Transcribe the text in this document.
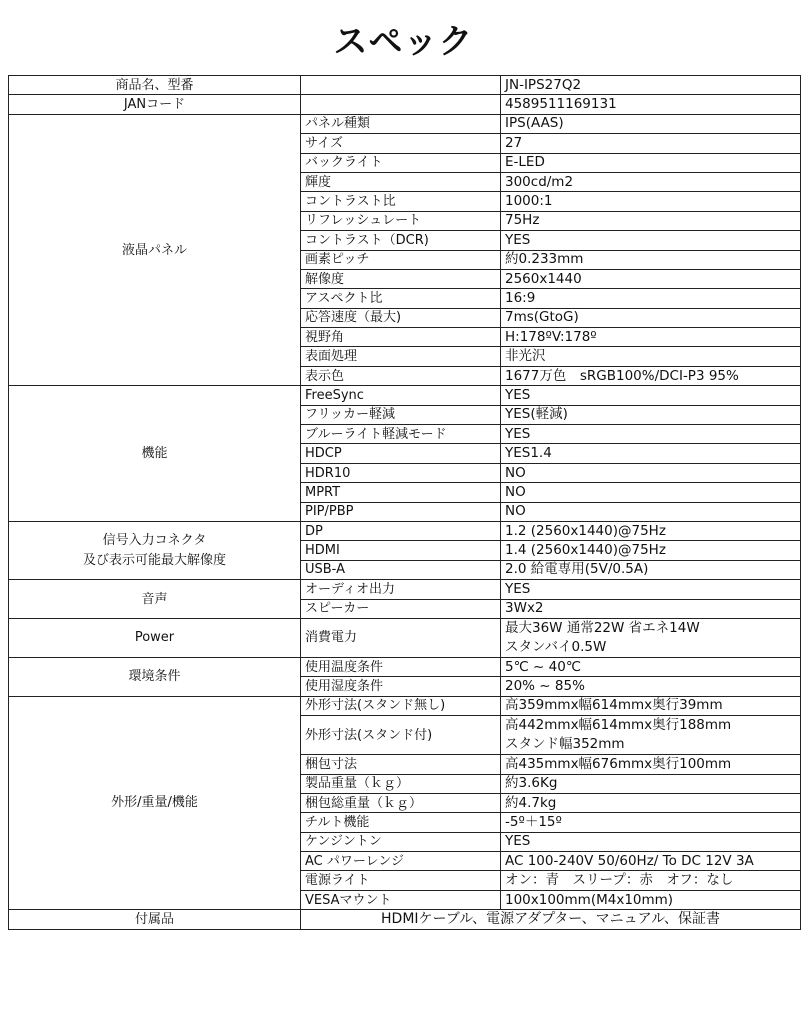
スペック
商品名、型番		JN-IPS27Q2
JANコード		4589511169131
液晶パネル	パネル種類	IPS(AAS)
	サイズ	27
	バックライト	E-LED
	輝度	300cd/m2
	コントラスト比	1000:1
	リフレッシュレート	75Hz
	コントラスト（DCR)	YES
	画素ピッチ	約0.233mm
	解像度	2560x1440
	アスペクト比	16:9
	応答速度（最大)	7ms(GtoG)
	視野角	H:178ºV:178º
	表面処理	非光沢
	表示色	1677万色　sRGB100%/DCI-P3 95%
機能	FreeSync	YES
	フリッカー軽減	YES(軽減)
	ブルーライト軽減モード	YES
	HDCP	YES1.4
	HDR10	NO
	MPRT	NO
	PIP/PBP	NO

信号入力コネクタ
及び表示可能最大解像度	DP	1.2 (2560x1440)@75Hz
	HDMI	1.4 (2560x1440)@75Hz
	USB-A	2.0 給電専用(5V/0.5A)
音声	オーディオ出力	YES
	スピーカー	3Wx2
Power	消費電力	最大36W 通常22W 省エネ14W
スタンバイ0.5W

環境条件	使用温度条件	5℃ ~ 40℃
	使用湿度条件	20% ~ 85%
外形/重量/機能	外形寸法(スタンド無し)	高359mmx幅614mmx奥行39mm
	外形寸法(スタンド付)	高442mmx幅614mmx奥行188mm
スタンド幅352mm

	梱包寸法	高435mmx幅676mmx奥行100mm
	製品重量（ｋｇ）	約3.6Kg
	梱包総重量（ｋｇ）	約4.7kg
	チルト機能	-5º＋15º
	ケンジントン	YES
	AC パワーレンジ	AC 100-240V 50/60Hz/ To DC 12V 3A
	電源ライト	オン：青　スリープ：赤　オフ：なし
	VESAマウント	100x100mm(M4x10mm)
付属品	HDMIケーブル、電源アダプター、マニュアル、保証書	
